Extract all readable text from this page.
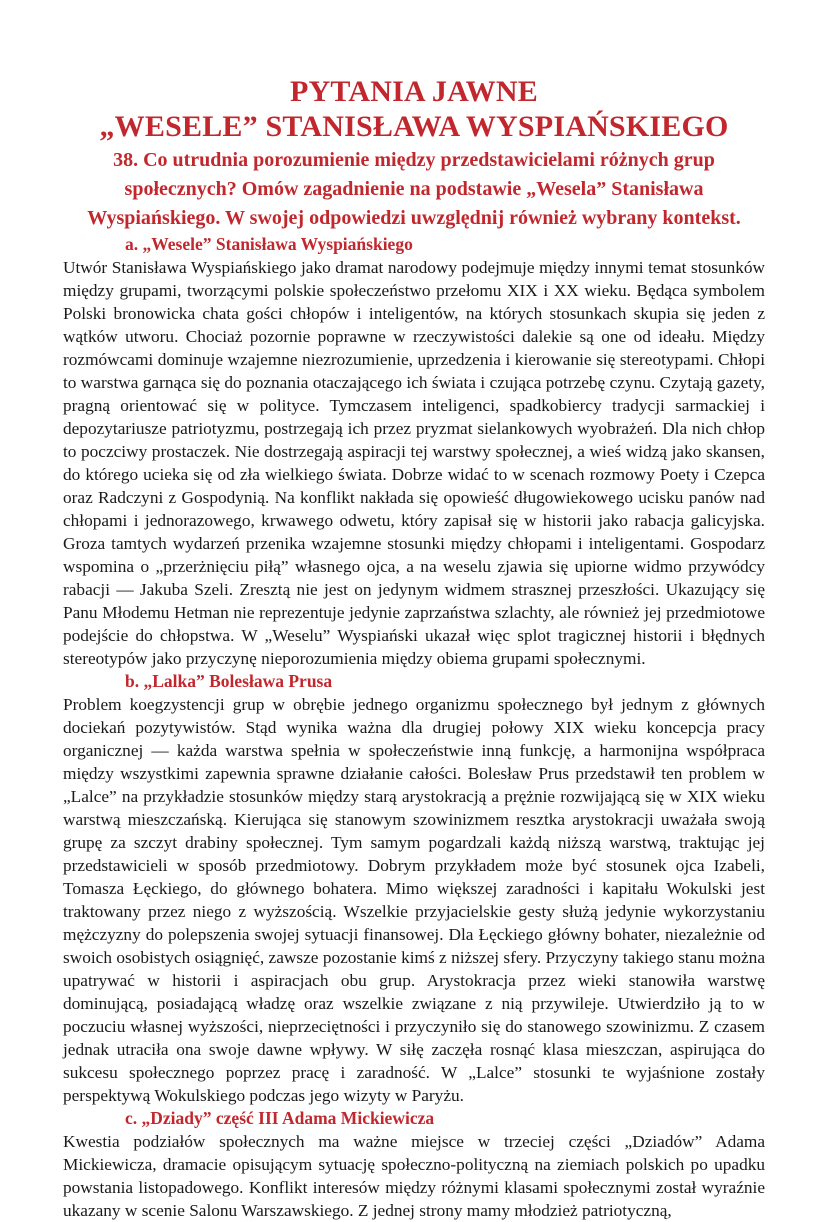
PYTANIA JAWNE
„WESELE” STANISŁAWA WYSPIAŃSKIEGO
38. Co utrudnia porozumienie między przedstawicielami różnych grup społecznych? Omów zagadnienie na podstawie „Wesela” Stanisława Wyspiańskiego. W swojej odpowiedzi uwzględnij również wybrany kontekst.
a. „Wesele” Stanisława Wyspiańskiego

Utwór Stanisława Wyspiańskiego jako dramat narodowy podejmuje między innymi temat stosunków między grupami, tworzącymi polskie społeczeństwo przełomu XIX i XX wieku. Będąca symbolem Polski bronowicka chata gości chłopów i inteligentów, na których stosunkach skupia się jeden z wątków utworu. Chociaż pozornie poprawne w rzeczywistości dalekie są one od ideału. Między rozmówcami dominuje wzajemne niezrozumienie, uprzedzenia i kierowanie się stereotypami. Chłopi to warstwa garnąca się do poznania otaczającego ich świata i czująca potrzebę czynu. Czytają gazety, pragną orientować się w polityce. Tymczasem inteligenci, spadkobiercy tradycji sarmackiej i depozytariusze patriotyzmu, postrzegają ich przez pryzmat sielankowych wyobrażeń. Dla nich chłop to poczciwy prostaczek. Nie dostrzegają aspiracji tej warstwy społecznej, a wieś widzą jako skansen, do którego ucieka się od zła wielkiego świata. Dobrze widać to w scenach rozmowy Poety i Czepca oraz Radczyni z Gospodynią. Na konflikt nakłada się opowieść długowiekowego ucisku panów nad chłopami i jednorazowego, krwawego odwetu, który zapisał się w historii jako rabacja galicyjska. Groza tamtych wydarzeń przenika wzajemne stosunki między chłopami i inteligentami. Gospodarz wspomina o „przerżnięciu piłą” własnego ojca, a na weselu zjawia się upiorne widmo przywódcy rabacji — Jakuba Szeli. Zresztą nie jest on jedynym widmem strasznej przeszłości. Ukazujący się Panu Młodemu Hetman nie reprezentuje jedynie zaprzaństwa szlachty, ale również jej przedmiotowe podejście do chłopstwa. W „Weselu” Wyspiański ukazał więc splot tragicznej historii i błędnych stereotypów jako przyczynę nieporozumienia między obiema grupami społecznymi.

b. „Lalka” Bolesława Prusa

Problem koegzystencji grup w obrębie jednego organizmu społecznego był jednym z głównych dociekań pozytywistów. Stąd wynika ważna dla drugiej połowy XIX wieku koncepcja pracy organicznej — każda warstwa spełnia w społeczeństwie inną funkcję, a harmonijna współpraca między wszystkimi zapewnia sprawne działanie całości. Bolesław Prus przedstawił ten problem w „Lalce” na przykładzie stosunków między starą arystokracją a prężnie rozwijającą się w XIX wieku warstwą mieszczańską. Kierująca się stanowym szowinizmem resztka arystokracji uważała swoją grupę za szczyt drabiny społecznej. Tym samym pogardzali każdą niższą warstwą, traktując jej przedstawicieli w sposób przedmiotowy. Dobrym przykładem może być stosunek ojca Izabeli, Tomasza Łęckiego, do głównego bohatera. Mimo większej zaradności i kapitału Wokulski jest traktowany przez niego z wyższością. Wszelkie przyjacielskie gesty służą jedynie wykorzystaniu mężczyzny do polepszenia swojej sytuacji finansowej. Dla Łęckiego główny bohater, niezależnie od swoich osobistych osiągnięć, zawsze pozostanie kimś z niższej sfery. Przyczyny takiego stanu można upatrywać w historii i aspiracjach obu grup. Arystokracja przez wieki stanowiła warstwę dominującą, posiadającą władzę oraz wszelkie związane z nią przywileje. Utwierdziło ją to w poczuciu własnej wyższości, nieprzeciętności i przyczyniło się do stanowego szowinizmu. Z czasem jednak utraciła ona swoje dawne wpływy. W siłę zaczęła rosnąć klasa mieszczan, aspirująca do sukcesu społecznego poprzez pracę i zaradność. W „Lalce” stosunki te wyjaśnione zostały perspektywą Wokulskiego podczas jego wizyty w Paryżu.

c. „Dziady” część III Adama Mickiewicza

Kwestia podziałów społecznych ma ważne miejsce w trzeciej części „Dziadów” Adama Mickiewicza, dramacie opisującym sytuację społeczno-polityczną na ziemiach polskich po upadku powstania listopadowego. Konflikt interesów między różnymi klasami społecznymi został wyraźnie ukazany w scenie Salonu Warszawskiego. Z jednej strony mamy młodzież patriotyczną,
